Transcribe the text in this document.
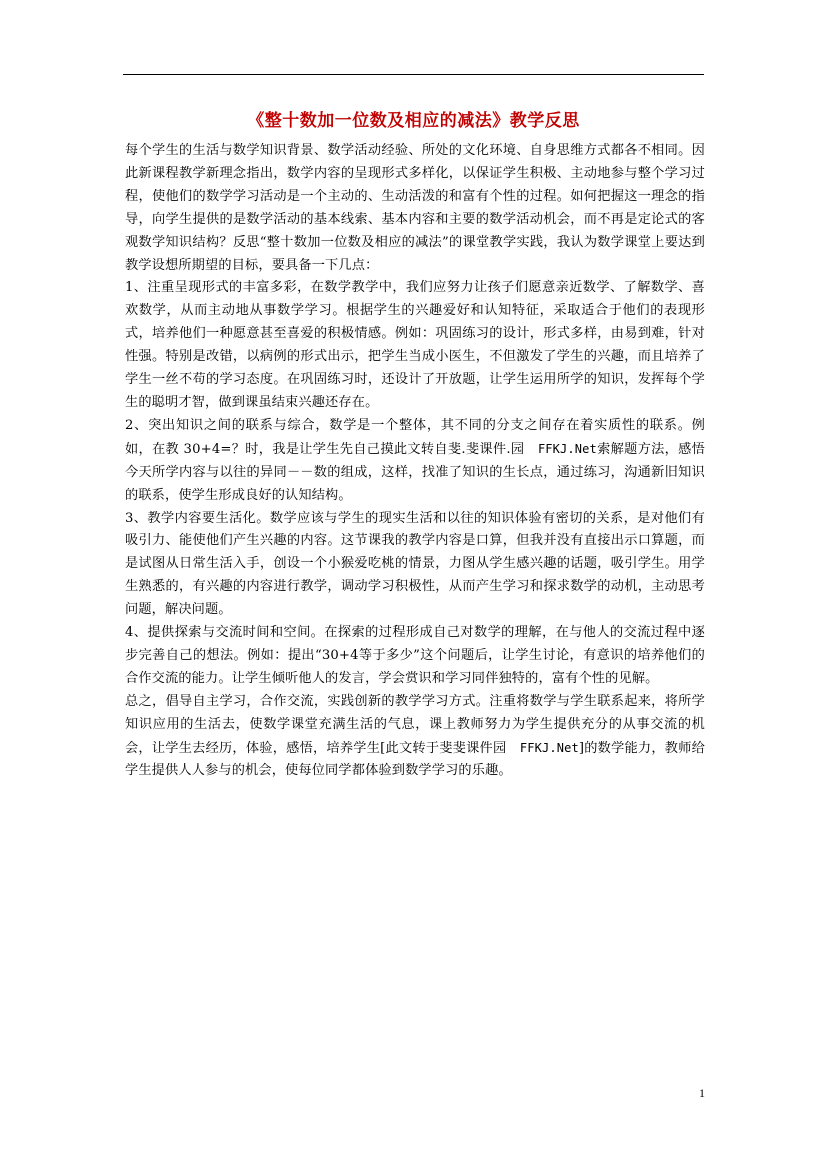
《整十数加一位数及相应的减法》教学反思

每个学生的生活与数学知识背景、数学活动经验、所处的文化环境、自身思维方式都各不相同。因此新课程教学新理念指出，数学内容的呈现形式多样化，以保证学生积极、主动地参与整个学习过程，使他们的数学学习活动是一个主动的、生动活泼的和富有个性的过程。如何把握这一理念的指导，向学生提供的是数学活动的基本线索、基本内容和主要的数学活动机会，而不再是定论式的客观数学知识结构？反思“整十数加一位数及相应的减法”的课堂教学实践，我认为数学课堂上要达到教学设想所期望的目标，要具备一下几点：

1、注重呈现形式的丰富多彩，在数学教学中，我们应努力让孩子们愿意亲近数学、了解数学、喜欢数学，从而主动地从事数学学习。根据学生的兴趣爱好和认知特征，采取适合于他们的表现形式，培养他们一种愿意甚至喜爱的积极情感。例如：巩固练习的设计，形式多样，由易到难，针对性强。特别是改错，以病例的形式出示，把学生当成小医生，不但激发了学生的兴趣，而且培养了学生一丝不苟的学习态度。在巩固练习时，还设计了开放题，让学生运用所学的知识，发挥每个学生的聪明才智，做到课虽结束兴趣还存在。

2、突出知识之间的联系与综合，数学是一个整体，其不同的分支之间存在着实质性的联系。例如，在教 30+4=？时，我是让学生先自己摸此文转自斐.斐课件.园　FFKJ.Net索解题方法，感悟今天所学内容与以往的异同－－数的组成，这样，找准了知识的生长点，通过练习，沟通新旧知识的联系，使学生形成良好的认知结构。

3、教学内容要生活化。数学应该与学生的现实生活和以往的知识体验有密切的关系，是对他们有吸引力、能使他们产生兴趣的内容。这节课我的教学内容是口算，但我并没有直接出示口算题，而是试图从日常生活入手，创设一个小猴爱吃桃的情景，力图从学生感兴趣的话题，吸引学生。用学生熟悉的，有兴趣的内容进行教学，调动学习积极性，从而产生学习和探求数学的动机，主动思考问题，解决问题。

4、提供探索与交流时间和空间。在探索的过程形成自己对数学的理解，在与他人的交流过程中逐步完善自己的想法。例如：提出“30+4等于多少”这个问题后，让学生讨论，有意识的培养他们的合作交流的能力。让学生倾听他人的发言，学会赏识和学习同伴独特的，富有个性的见解。

总之，倡导自主学习，合作交流，实践创新的教学学习方式。注重将数学与学生联系起来，将所学知识应用的生活去，使数学课堂充满生活的气息，课上教师努力为学生提供充分的从事交流的机会，让学生去经历，体验，感悟，培养学生[此文转于斐斐课件园　FFKJ.Net]的数学能力，教师给学生提供人人参与的机会，使每位同学都体验到数学学习的乐趣。

1
